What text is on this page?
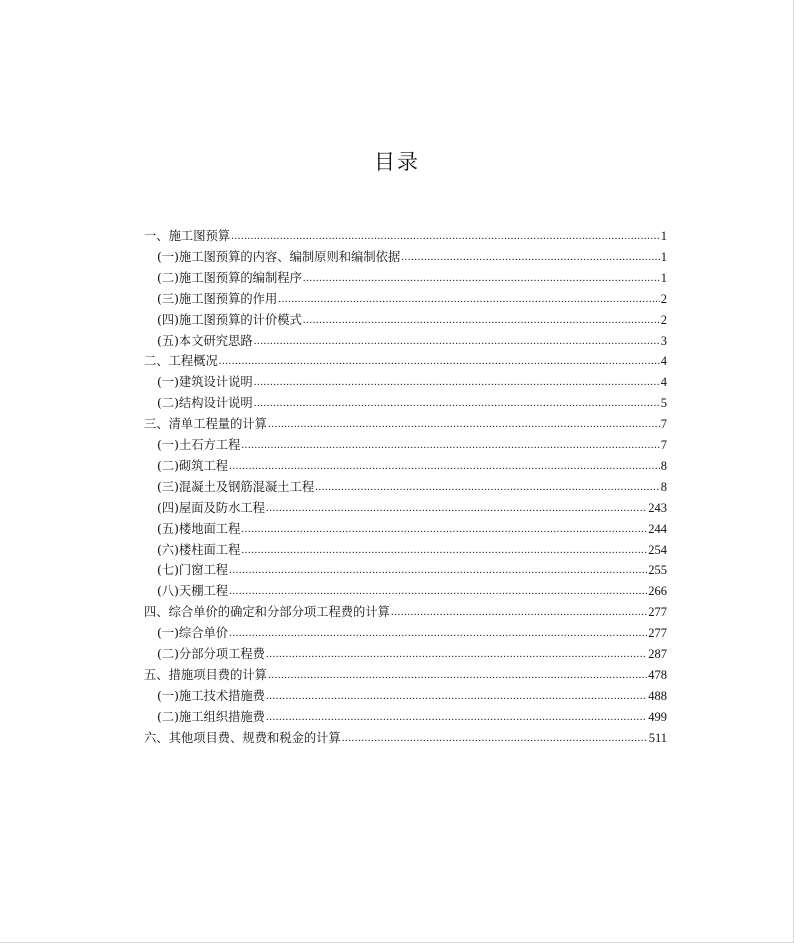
目录
一、施工图预算 .....	1
(一)施工图预算的内容、编制原则和编制依据 .....	1
(二)施工图预算的编制程序 .....	1
(三)施工图预算的作用 .....	2
(四)施工图预算的计价模式 .....	2
(五)本文研究思路 .....	3
二、工程概况 .....	4
(一)建筑设计说明 .....	4
(二)结构设计说明 .....	5
三、清单工程量的计算 .....	7
(一)土石方工程 .....	7
(二)砌筑工程 .....	8
(三)混凝土及钢筋混凝土工程 .....	8
(四)屋面及防水工程 .....	243
(五)楼地面工程 .....	244
(六)楼柱面工程 .....	254
(七)门窗工程 .....	255
(八)天棚工程 .....	266
四、综合单价的确定和分部分项工程费的计算 .....	277
(一)综合单价 .....	277
(二)分部分项工程费 .....	287
五、措施项目费的计算 .....	478
(一)施工技术措施费 .....	488
(二)施工组织措施费 .....	499
六、其他项目费、规费和税金的计算 .....	511
